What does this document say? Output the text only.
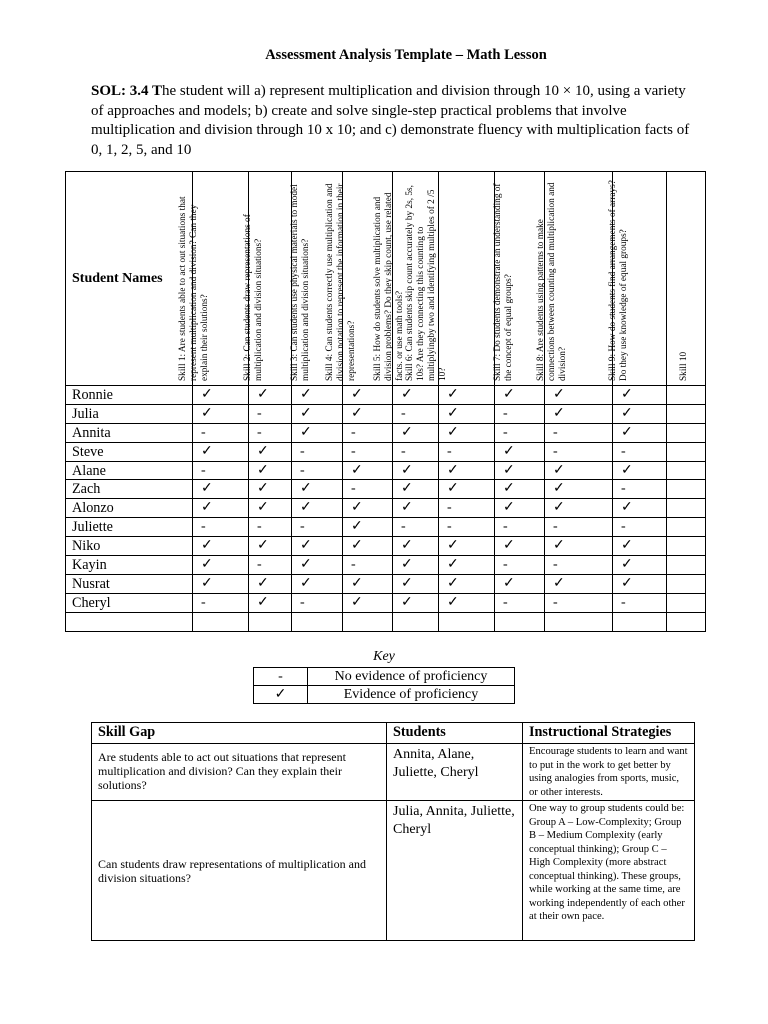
Assessment Analysis Template – Math Lesson
SOL: 3.4 The student will a) represent multiplication and division through 10 × 10, using a variety of approaches and models; b) create and solve single-step practical problems that involve multiplication and division through 10 x 10; and c) demonstrate fluency with multiplication facts of 0, 1, 2, 5, and 10
Student Names	Skill 1: Are students able to act out situations that represent multiplication and division? Can they explain their solutions?	Skill 2: Can students draw representations of multiplication and division situations?	Skill 3: Can students use physical materials to model multiplication and division situations?	Skill 4: Can students correctly use multiplication and division notation to represent the information in their representations?	Skill 5: How do students solve multiplication and division problems? Do they skip count, use related facts. or use math tools?	Skill 6: Can students skip count accurately by 2s, 5s, 10s? Are they connecting this counting to multiplyingby two and identifying multiples of 2 /5 10?	Skill 7: Do students demonstrate an understanding of the concept of equal groups?	Skill 8: Are students using patterns to make connections between counting and multiplication and division?	Skill 9: How do students find arrangements of arrays? Do they use knowledge of equal groups?	Skill 10

Ronnie	✓	✓	✓	✓	✓	✓	✓	✓	✓	
Julia	✓	-	✓	✓	-	✓	-	✓	✓	
Annita	-	-	✓	-	✓	✓	-	-	✓	
Steve	✓	✓	-	-	-	-	✓	-	-	
Alane	-	✓	-	✓	✓	✓	✓	✓	✓	
Zach	✓	✓	✓	-	✓	✓	✓	✓	-	
Alonzo	✓	✓	✓	✓	✓	-	✓	✓	✓	
Juliette	-	-	-	✓	-	-	-	-	-	
Niko	✓	✓	✓	✓	✓	✓	✓	✓	✓	
Kayin	✓	-	✓	-	✓	✓	-	-	✓	
Nusrat	✓	✓	✓	✓	✓	✓	✓	✓	✓	
Cheryl	-	✓	-	✓	✓	✓	-	-	-	

Key
-	No evidence of proficiency
✓	Evidence of proficiency
Skill Gap	Students	Instructional Strategies
Are students able to act out situations that represent multiplication and division? Can they explain their solutions?	Annita, Alane, Juliette, Cheryl	Encourage students to learn and want to put in the work to get better by using analogies from sports, music, or other interests.
Can students draw representations of multiplication and division situations?	Julia, Annita, Juliette, Cheryl	One way to group students could be: Group A – Low-Complexity; Group B – Medium Complexity (early conceptual thinking); Group C – High Complexity (more abstract conceptual thinking). These groups, while working at the same time, are working independently of each other at their own pace.
